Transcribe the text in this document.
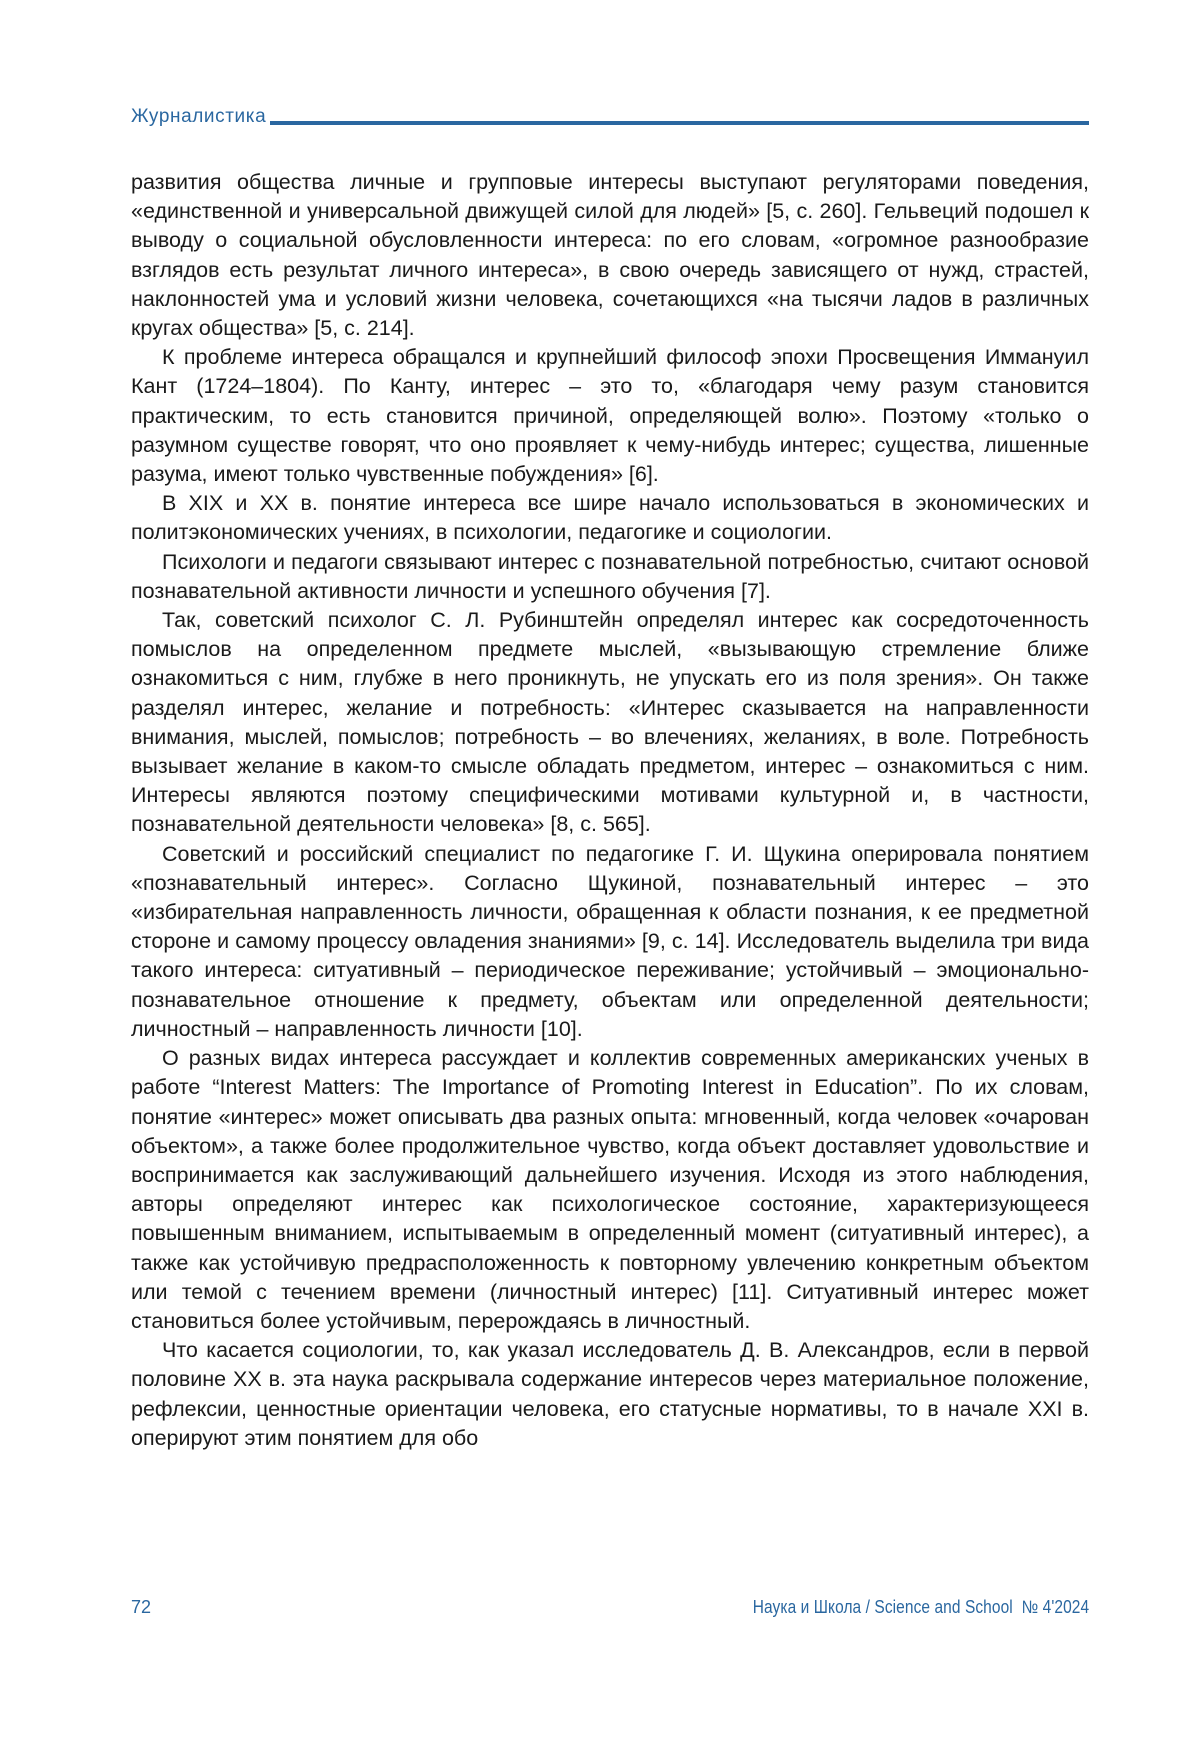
Журналистика

развития общества личные и групповые интересы выступают регуляторами поведения, «единственной и универсальной движущей силой для людей» [5, с. 260]. Гельвеций подошел к выводу о социальной обусловленности интереса: по его словам, «огромное разнообразие взглядов есть результат личного интереса», в свою очередь зависящего от нужд, страстей, наклонностей ума и условий жизни человека, сочетающихся «на тысячи ладов в различных кругах общества» [5, с. 214].

К проблеме интереса обращался и крупнейший философ эпохи Просвещения Иммануил Кант (1724–1804). По Канту, интерес – это то, «благодаря чему разум становится практическим, то есть становится причиной, определяющей волю». Поэтому «только о разумном существе говорят, что оно проявляет к чему-нибудь интерес; существа, лишенные разума, имеют только чувственные побуждения» [6].

В XIX и XX в. понятие интереса все шире начало использоваться в экономических и политэкономических учениях, в психологии, педагогике и социологии.

Психологи и педагоги связывают интерес с познавательной потребностью, считают основой познавательной активности личности и успешного обучения [7].

Так, советский психолог С. Л. Рубинштейн определял интерес как сосредоточенность помыслов на определенном предмете мыслей, «вызывающую стремление ближе ознакомиться с ним, глубже в него проникнуть, не упускать его из поля зрения». Он также разделял интерес, желание и потребность: «Интерес сказывается на направленности внимания, мыслей, помыслов; потребность – во влечениях, желаниях, в воле. Потребность вызывает желание в каком-то смысле обладать предметом, интерес – ознакомиться с ним. Интересы являются поэтому специфическими мотивами культурной и, в частности, познавательной деятельности человека» [8, с. 565].

Советский и российский специалист по педагогике Г. И. Щукина оперировала понятием «познавательный интерес». Согласно Щукиной, познавательный интерес – это «избирательная направленность личности, обращенная к области познания, к ее предметной стороне и самому процессу овладения знаниями» [9, с. 14]. Исследователь выделила три вида такого интереса: ситуативный – периодическое переживание; устойчивый – эмоционально-познавательное отношение к предмету, объектам или определенной деятельности; личностный – направленность личности [10].

О разных видах интереса рассуждает и коллектив современных американских ученых в работе “Interest Matters: The Importance of Promoting Interest in Education”. По их словам, понятие «интерес» может описывать два разных опыта: мгновенный, когда человек «очарован объектом», а также более продолжительное чувство, когда объект доставляет удовольствие и воспринимается как заслуживающий дальнейшего изучения. Исходя из этого наблюдения, авторы определяют интерес как психологическое состояние, характеризующееся повышенным вниманием, испытываемым в определенный момент (ситуативный интерес), а также как устойчивую предрасположенность к повторному увлечению конкретным объектом или темой с течением времени (личностный интерес) [11]. Ситуативный интерес может становиться более устойчивым, перерождаясь в личностный.

Что касается социологии, то, как указал исследователь Д. В. Александров, если в первой половине XX в. эта наука раскрывала содержание интересов через материальное положение, рефлексии, ценностные ориентации человека, его статусные нормативы, то в начале XXI в. оперируют этим понятием для обо

72	Наука и Школа / Science and School  № 4'2024
